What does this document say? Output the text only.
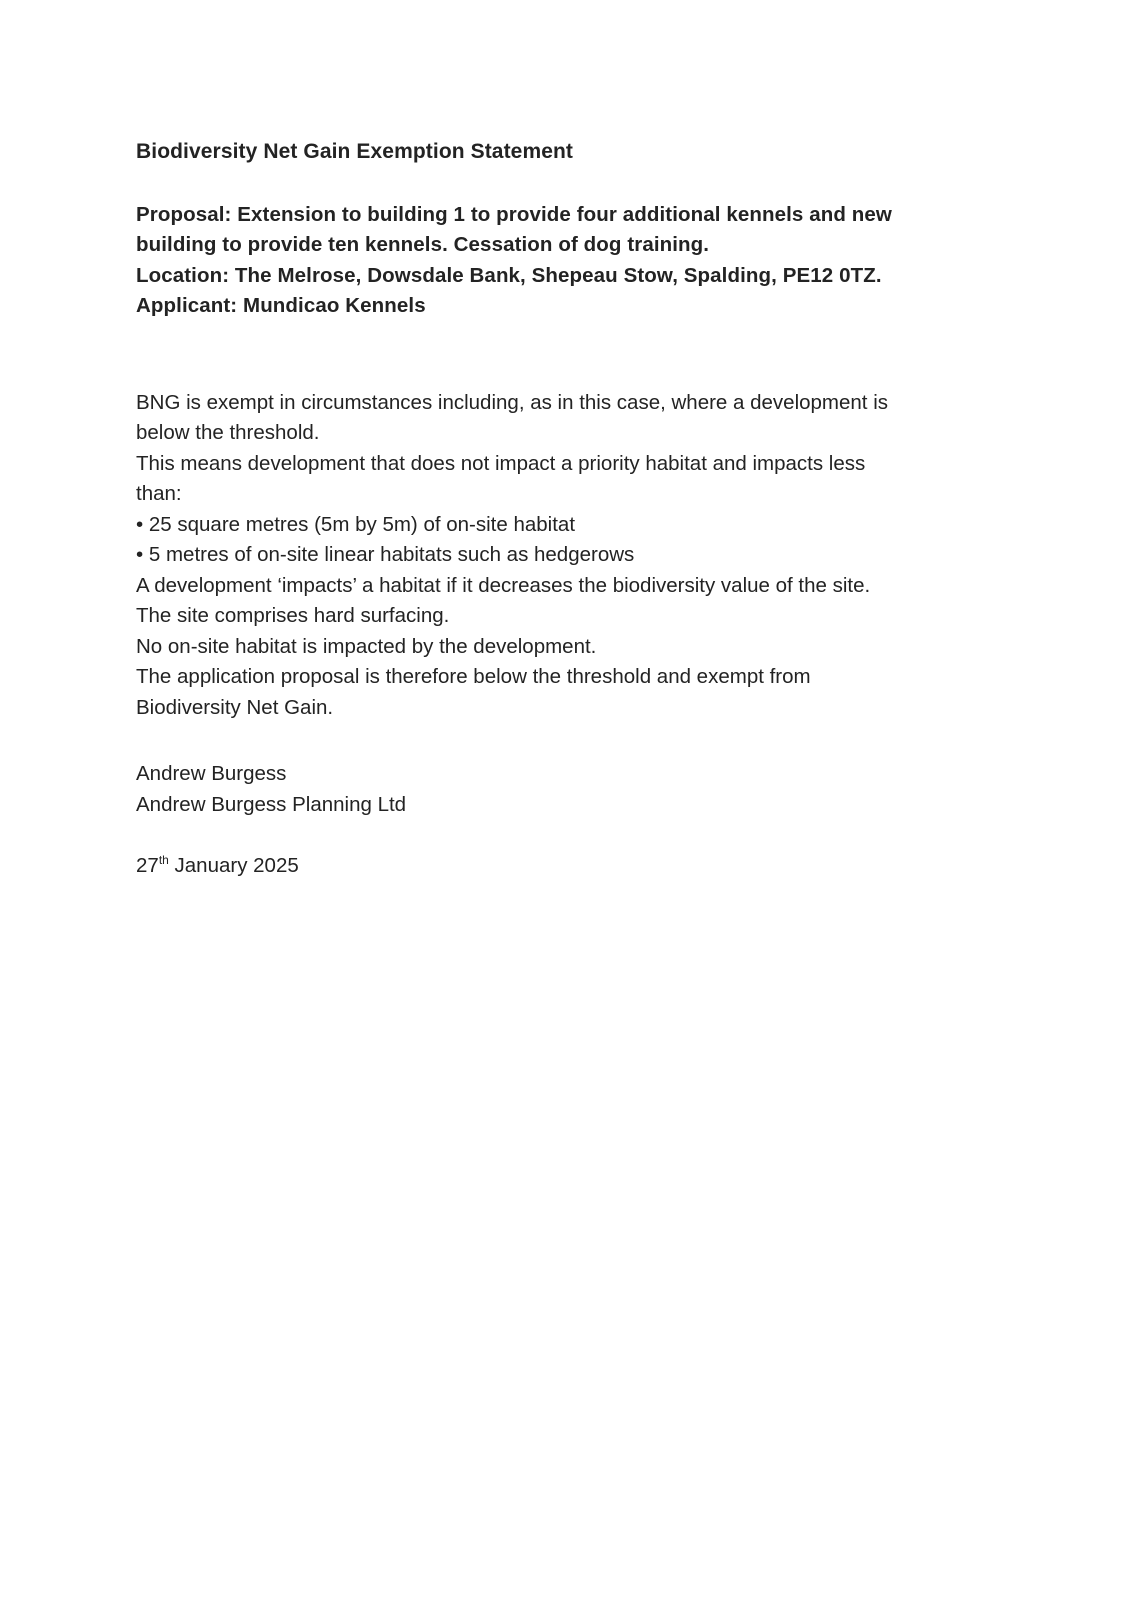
Biodiversity Net Gain Exemption Statement
Proposal: Extension to building 1 to provide four additional kennels and new
building to provide ten kennels. Cessation of dog training.
Location: The Melrose, Dowsdale Bank, Shepeau Stow, Spalding, PE12 0TZ.
Applicant: Mundicao Kennels
BNG is exempt in circumstances including, as in this case, where a development is
below the threshold.
This means development that does not impact a priority habitat and impacts less
than:
• 25 square metres (5m by 5m) of on-site habitat
• 5 metres of on-site linear habitats such as hedgerows
A development ‘impacts’ a habitat if it decreases the biodiversity value of the site.
The site comprises hard surfacing.
No on-site habitat is impacted by the development.
The application proposal is therefore below the threshold and exempt from
Biodiversity Net Gain.
Andrew Burgess
Andrew Burgess Planning Ltd
27th January 2025
